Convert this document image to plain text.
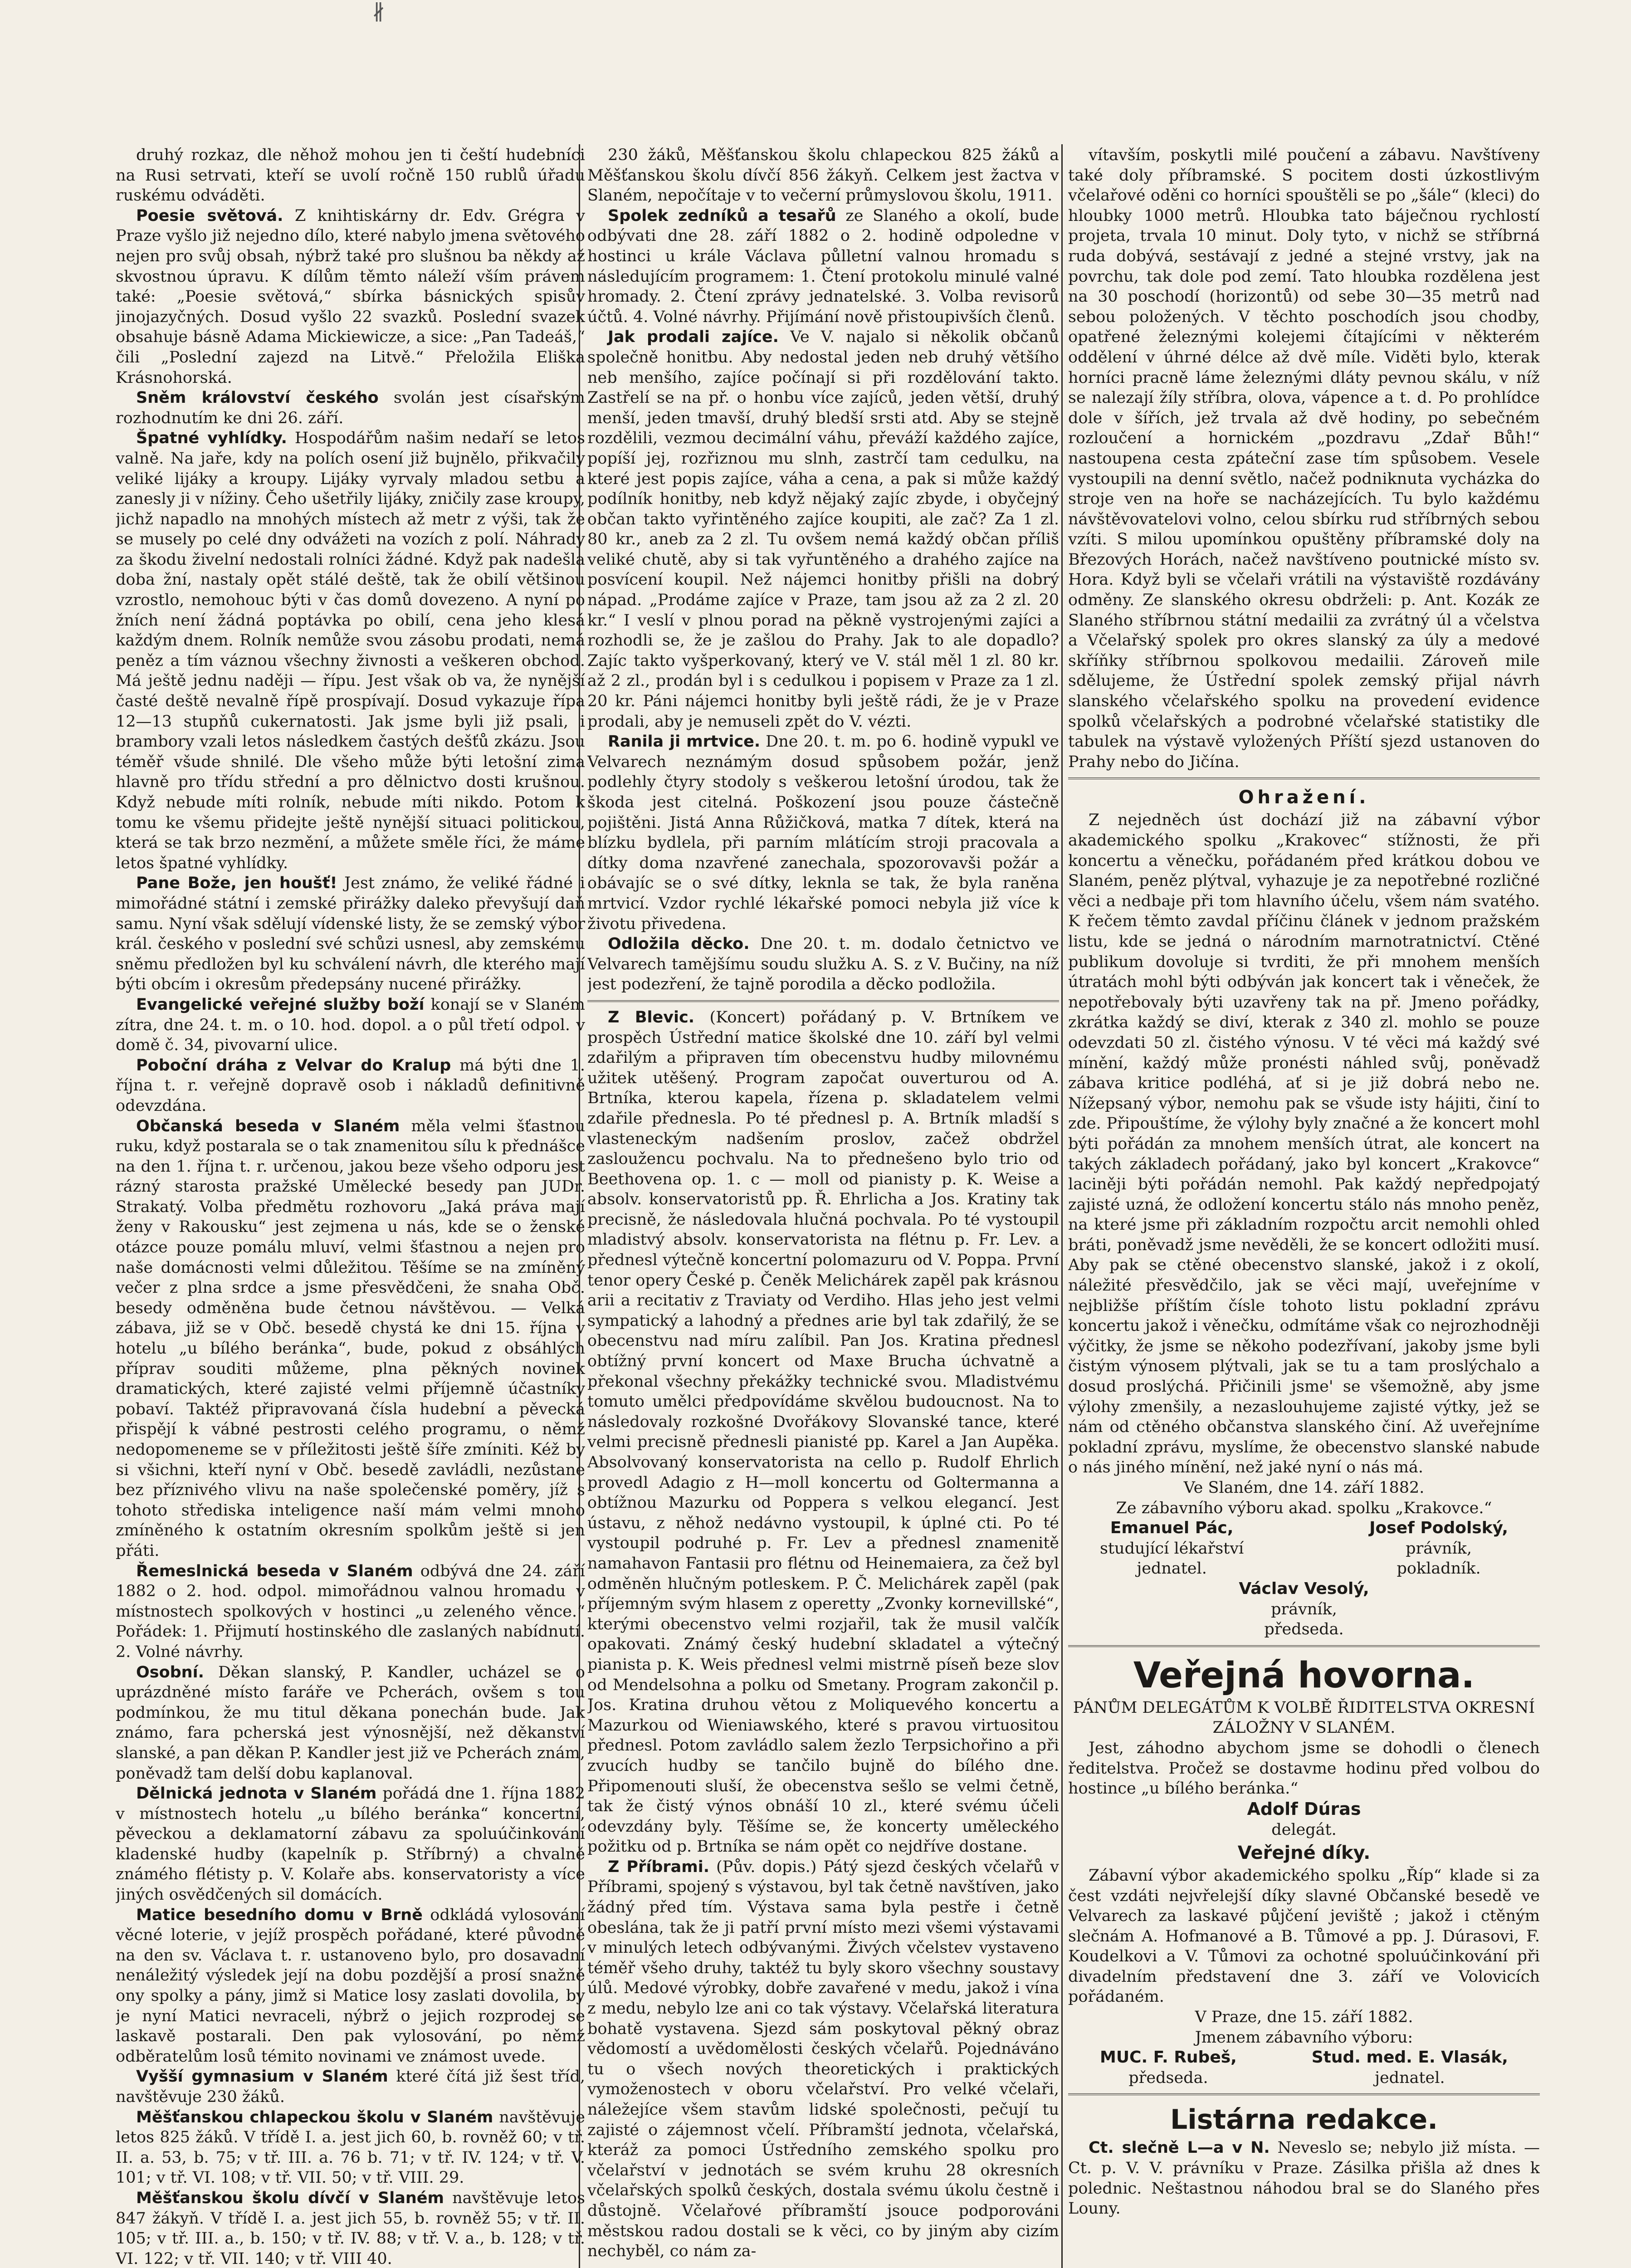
∦

druhý rozkaz, dle něhož mohou jen ti čeští hudebníci na Rusi setrvati, kteří se uvolí ročně 150 rublů úřadu ruskému odváděti.

Poesie světová. Z knihtiskárny dr. Edv. Grégra v Praze vyšlo již nejedno dílo, které nabylo jmena světového nejen pro svůj obsah, nýbrž také pro slušnou ba někdy až skvostnou úpravu. K dílům těmto náleží vším právem také: „Poesie světová,“ sbírka básnických spisův jinojazyčných. Dosud vyšlo 22 svazků. Poslední svazek obsahuje básně Adama Mickiewicze, a sice: „Pan Tadeáš,“ čili „Poslední zajezd na Litvě.“ Přeložila Eliška Krásnohorská.

Sněm království českého svolán jest císařským rozhodnutím ke dni 26. září.

Špatné vyhlídky. Hospodářům našim nedaří se letos valně. Na jaře, kdy na polích osení již bujnělo, přikvačily veliké lijáky a kroupy. Lijáky vyrvaly mladou setbu a zanesly ji v nížiny. Čeho ušetřily lijáky, zničily zase kroupy, jichž napadlo na mnohých místech až metr z výši, tak že se musely po celé dny odvážeti na vozích z polí. Náhrady za škodu živelní nedostali rolníci žádné. Když pak nadešla doba žní, nastaly opět stálé deště, tak že obilí většinou vzrostlo, nemohouc býti v čas domů dovezeno. A nyní po žních není žádná poptávka po obilí, cena jeho klesá každým dnem. Rolník nemůže svou zásobu prodati, nemá peněz a tím váznou všechny živnosti a veškeren obchod. Má ještě jednu naději — řípu. Jest však ob va, že nynější časté deště nevalně řípě prospívají. Dosud vykazuje řípa 12—13 stupňů cukernatosti. Jak jsme byli již psali, i brambory vzali letos následkem častých dešťů zkázu. Jsou téměř všude shnilé. Dle všeho může býti letošní zima hlavně pro třídu střední a pro dělnictvo dosti krušnou. Když nebude míti rolník, nebude míti nikdo. Potom k tomu ke všemu přidejte ještě nynější situaci politickou, která se tak brzo nezmění, a můžete směle říci, že máme letos špatné vyhlídky.

Pane Bože, jen houšť! Jest známo, že veliké řádné i mimořádné státní i zemské přirážky daleko převyšují daň samu. Nyní však sdělují vídenské listy, že se zemský výbor král. českého v poslední své schůzi usnesl, aby zemskému sněmu předložen byl ku schválení návrh, dle kterého mají býti obcím i okresům předepsány nucené přirážky.

Evangelické veřejné služby boží konají se v Slaném zítra, dne 24. t. m. o 10. hod. dopol. a o půl třetí odpol. v domě č. 34, pivovarní ulice.

Poboční dráha z Velvar do Kralup má býti dne 1. října t. r. veřejně dopravě osob i nákladů definitivně odevzdána.

Občanská beseda v Slaném měla velmi šťastnou ruku, když postarala se o tak znamenitou sílu k přednášce na den 1. října t. r. určenou, jakou beze všeho odporu jest rázný starosta pražské Umělecké besedy pan JUDr. Strakatý. Volba předmětu rozhovoru „Jaká práva mají ženy v Rakousku“ jest zejmena u nás, kde se o ženské otázce pouze pomálu mluví, velmi šťastnou a nejen pro naše domácnosti velmi důležitou. Těšíme se na zmíněný večer z plna srdce a jsme přesvědčeni, že snaha Obč. besedy odměněna bude četnou návštěvou. — Velká zábava, již se v Obč. besedě chystá ke dni 15. října v hotelu „u bílého beránka“, bude, pokud z obsáhlých příprav souditi můžeme, plna pěkných novinek dramatických, které zajisté velmi příjemně účastníky pobaví. Taktéž připravovaná čísla hudební a pěvecká přispějí k vábné pestrosti celého programu, o němž nedopomeneme se v příležitosti ještě šíře zmíniti. Kéž by si všichni, kteří nyní v Obč. besedě zavládli, nezůstane bez příznivého vlivu na naše společenské poměry, jíž s tohoto střediska inteligence naší mám velmi mnoho zmíněného k ostatním okresním spolkům ještě si jen přáti.

Řemeslnická beseda v Slaném odbývá dne 24. září 1882 o 2. hod. odpol. mimořádnou valnou hromadu v místnostech spolkových v hostinci „u zeleného věnce.“ Pořádek: 1. Přijmutí hostinského dle zaslaných nabídnutí. 2. Volné návrhy.

Osobní. Děkan slanský, P. Kandler, ucházel se o uprázdněné místo faráře ve Pcherách, ovšem s tou podmínkou, že mu titul děkana ponechán bude. Jak známo, fara pcherská jest výnosnější, než děkanství slanské, a pan děkan P. Kandler jest již ve Pcherách znám, poněvadž tam delší dobu kaplanoval.

Dělnická jednota v Slaném pořádá dne 1. října 1882 v místnostech hotelu „u bílého beránka“ koncertní, pěveckou a deklamatorní zábavu za spoluúčinkování kladenské hudby (kapelník p. Stříbrný) a chvalně známého flétisty p. V. Kolaře abs. konservatoristy a více jiných osvědčených sil domácích.

Matice besedního domu v Brně odkládá vylosování věcné loterie, v jejíž prospěch pořádané, které původně na den sv. Václava t. r. ustanoveno bylo, pro dosavadní nenáležitý výsledek její na dobu pozdější a prosí snažně ony spolky a pány, jimž si Matice losy zaslati dovolila, by je nyní Matici nevraceli, nýbrž o jejich rozprodej se laskavě postarali. Den pak vylosování, po němž odběratelům losů témito novinami ve známost uvede.

Vyšší gymnasium v Slaném které čítá již šest tříd, navštěvuje 230 žáků.

Měšťanskou chlapeckou školu v Slaném navštěvuje letos 825 žáků. V třídě I. a. jest jich 60, b. rovněž 60; v tř. II. a. 53, b. 75; v tř. III. a. 76 b. 71; v tř. IV. 124; v tř. V. 101; v tř. VI. 108; v tř. VII. 50; v tř. VIII. 29.

Měšťanskou školu dívčí v Slaném navštěvuje letos 847 žákyň. V třídě I. a. jest jich 55, b. rovněž 55; v tř. II. 105; v tř. III. a., b. 150; v tř. IV. 88; v tř. V. a., b. 128; v tř. VI. 122; v tř. VII. 140; v tř. VIII 40.

230 žáků, Měšťanskou školu chlapeckou 825 žáků a Měšťanskou školu dívčí 856 žákyň. Celkem jest žactva v Slaném, nepočítaje v to večerní průmyslovou školu, 1911.

Spolek zedníků a tesařů ze Slaného a okolí, bude odbývati dne 28. září 1882 o 2. hodině odpoledne v hostinci u krále Václava půlletní valnou hromadu s následujícím programem: 1. Čtení protokolu minulé valné hromady. 2. Čtení zprávy jednatelské. 3. Volba revisorů účtů. 4. Volné návrhy. Přijímání nově přistoupivších členů.

Jak prodali zajíce. Ve V. najalo si několik občanů společně honitbu. Aby nedostal jeden neb druhý většího neb menšího, zajíce počínají si při rozdělování takto. Zastřelí se na př. o honbu více zajíců, jeden větší, druhý menší, jeden tmavší, druhý bledší srsti atd. Aby se stejně rozdělili, vezmou decimální váhu, převáží každého zajíce, popíší jej, rozřiznou mu slnh, zastrčí tam cedulku, na které jest popis zajíce, váha a cena, a pak si může každý podílník honitby, neb když nějaký zajíc zbyde, i obyčejný občan takto vyřintěného zajíce koupiti, ale zač? Za 1 zl. 80 kr., aneb za 2 zl. Tu ovšem nemá každý občan příliš veliké chutě, aby si tak vyřuntěného a drahého zajíce na posvícení koupil. Než nájemci honitby přišli na dobrý nápad. „Prodáme zajíce v Praze, tam jsou až za 2 zl. 20 kr.“ I veslí v plnou porad na pěkně vystrojenými zajíci a rozhodli se, že je zašlou do Prahy. Jak to ale dopadlo? Zajíc takto vyšperkovaný, který ve V. stál měl 1 zl. 80 kr. až 2 zl., prodán byl i s cedulkou i popisem v Praze za 1 zl. 20 kr. Páni nájemci honitby byli ještě rádi, že je v Praze prodali, aby je nemuseli zpět do V. vézti.

Ranila ji mrtvice. Dne 20. t. m. po 6. hodině vypukl ve Velvarech neznámým dosud spůsobem požár, jenž podlehly čtyry stodoly s veškerou letošní úrodou, tak že škoda jest citelná. Poškození jsou pouze částečně pojištěni. Jistá Anna Růžičková, matka 7 dítek, která na blízku bydlela, při parním mlátícím stroji pracovala a dítky doma nzavřené zanechala, spozorovavši požár a obávajíc se o své dítky, leknla se tak, že byla raněna mrtvicí. Vzdor rychlé lékařské pomoci nebyla již více k životu přivedena.

Odložila děcko. Dne 20. t. m. dodalo četnictvo ve Velvarech tamějšímu soudu služku A. S. z V. Bučiny, na níž jest podezření, že tajně porodila a děcko podložila.

Z Blevic. (Koncert) pořádaný p. V. Brtníkem ve prospěch Ústřední matice školské dne 10. září byl velmi zdařilým a připraven tím obecenstvu hudby milovnému užitek utěšený. Program započat ouverturou od A. Brtníka, kterou kapela, řízena p. skladatelem velmi zdařile přednesla. Po té přednesl p. A. Brtník mladší s vlasteneckým nadšením proslov, začež obdržel zasloužencu pochvalu. Na to přednešeno bylo trio od Beethovena op. 1. c — moll od pianisty p. K. Weise a absolv. konservatoristů pp. Ř. Ehrlicha a Jos. Kratiny tak precisně, že následovala hlučná pochvala. Po té vystoupil mladistvý absolv. konservatorista na flétnu p. Fr. Lev. a přednesl výtečně koncertní polomazuru od V. Poppa. První tenor opery České p. Čeněk Melichárek zapěl pak krásnou arii a recitativ z Traviaty od Verdiho. Hlas jeho jest velmi sympatický a lahodný a přednes arie byl tak zdařilý, že se obecenstvu nad míru zalíbil. Pan Jos. Kratina přednesl obtížný první koncert od Maxe Brucha úchvatně a překonal všechny překážky technické svou. Mladistvému tomuto umělci předpovídáme skvělou budoucnost. Na to následovaly rozkošné Dvořákovy Slovanské tance, které velmi precisně přednesli pianisté pp. Karel a Jan Aupěka. Absolvovaný konservatorista na cello p. Rudolf Ehrlich provedl Adagio z H—moll koncertu od Goltermanna a obtížnou Mazurku od Poppera s velkou elegancí. Jest ústavu, z něhož nedávno vystoupil, k úplné cti. Po té vystoupil podruhé p. Fr. Lev a přednesl znamenitě namahavon Fantasii pro flétnu od Heinemaiera, za čež byl odměněn hlučným potleskem. P. Č. Melichárek zapěl (pak příjemným svým hlasem z operetty „Zvonky kornevillské“, kterými obecenstvo velmi rozjařil, tak že musil valčík opakovati. Známý český hudební skladatel a výtečný pianista p. K. Weis přednesl velmi mistrně píseň beze slov od Mendelsohna a polku od Smetany. Program zakončil p. Jos. Kratina druhou větou z Moliquevého koncertu a Mazurkou od Wieniawského, které s pravou virtuositou přednesl. Potom zavládlo salem žezlo Terpsichořino a při zvucích hudby se tančilo bujně do bílého dne. Připomenouti sluší, že obecenstva sešlo se velmi četně, tak že čistý výnos obnáší 10 zl., které svému účeli odevzdány byly. Těšíme se, že koncerty uměleckého požitku od p. Brtníka se nám opět co nejdříve dostane.

Z Příbrami. (Pův. dopis.) Pátý sjezd českých včelařů v Příbrami, spojený s výstavou, byl tak četně navštíven, jako žádný před tím. Výstava sama byla pestře i četně obeslána, tak že ji patří první místo mezi všemi výstavami v minulých letech odbývanými. Živých včelstev vystaveno téměř všeho druhy, taktéž tu byly skoro všechny soustavy úlů. Medové výrobky, dobře zavařené v medu, jakož i vína z medu, nebylo lze ani co tak výstavy. Včelařská literatura bohatě vystavena. Sjezd sám poskytoval pěkný obraz vědomostí a uvědomělosti českých včelařů. Pojednáváno tu o všech nových theoretických i praktických vymoženostech v oboru včelařství. Pro velké včelaři, náležejíce všem stavům lidské společnosti, pečují tu zajisté o zájemnost včelí. Příbramští jednota, včelařská, kteráž za pomoci Ústředního zemského spolku pro včelařství v jednotách se svém kruhu 28 okresních včelařských spolků českých, dostala svému úkolu čestně i důstojně. Včelařové příbramští jsouce podporováni městskou radou dostali se k věci, co by jiným aby cizím nechyběl, co nám za-

vítavším, poskytli milé poučení a zábavu. Navštíveny také doly příbramské. S pocitem dosti úzkostlivým včelařové oděni co horníci spouštěli se po „šále“ (kleci) do hloubky 1000 metrů. Hloubka tato báječnou rychlostí projeta, trvala 10 minut. Doly tyto, v nichž se stříbrná ruda dobývá, sestávají z jedné a stejné vrstvy, jak na povrchu, tak dole pod zemí. Tato hloubka rozdělena jest na 30 poschodí (horizontů) od sebe 30—35 metrů nad sebou položených. V těchto poschodích jsou chodby, opatřené železnými kolejemi čítajícími v některém oddělení v úhrné délce až dvě míle. Viděti bylo, kterak horníci pracně láme železnými dláty pevnou skálu, v níž se nalezají žíly stříbra, olova, vápence a t. d. Po prohlídce dole v šířích, jež trvala až dvě hodiny, po sebečném rozloučení a hornickém „pozdravu „Zdař Bůh!“ nastoupena cesta zpáteční zase tím spůsobem. Vesele vystoupili na denní světlo, načež podniknuta vycházka do stroje ven na hoře se nacházejících. Tu bylo každému návštěvovatelovi volno, celou sbírku rud stříbrných sebou vzíti. S milou upomínkou opuštěny příbramské doly na Březových Horách, načež navštíveno poutnické místo sv. Hora. Když byli se včelaři vrátili na výstaviště rozdávány odměny. Ze slanského okresu obdrželi: p. Ant. Kozák ze Slaného stříbrnou státní medailii za zvrátný úl a včelstva a Včelařský spolek pro okres slanský za úly a medové skříňky stříbrnou spolkovou medailii. Zároveň mile sdělujeme, že Ústřední spolek zemský přijal návrh slanského včelařského spolku na provedení evidence spolků včelařských a podrobné včelařské statistiky dle tabulek na výstavě vyložených Příští sjezd ustanoven do Prahy nebo do Jičína.

Ohražení.

Z nejedněch úst dochází již na zábavní výbor akademického spolku „Krakovec“ stížnosti, že při koncertu a věnečku, pořádaném před krátkou dobou ve Slaném, peněz plýtval, vyhazuje je za nepotřebné rozličné věci a nedbaje při tom hlavního účelu, všem nám svatého. K řečem těmto zavdal příčinu článek v jednom pražském listu, kde se jedná o národním marnotratnictví. Ctěné publikum dovoluje si tvrditi, že při mnohem menších útratách mohl býti odbýván jak koncert tak i věneček, že nepotřebovaly býti uzavřeny tak na př. Jmeno pořádky, zkrátka každý se diví, kterak z 340 zl. mohlo se pouze odevzdati 50 zl. čistého výnosu. V té věci má každý své mínění, každý může pronésti náhled svůj, poněvadž zábava kritice podléhá, ať si je již dobrá nebo ne. Nížepsaný výbor, nemohu pak se všude isty hájiti, činí to zde. Připouštíme, že výlohy byly značné a že koncert mohl býti pořádán za mnohem menších útrat, ale koncert na takých základech pořádaný, jako byl koncert „Krakovce“ laciněji býti pořádán nemohl. Pak každý nepředpojatý zajisté uzná, že odložení koncertu stálo nás mnoho peněz, na které jsme při základním rozpočtu arcit nemohli ohled bráti, poněvadž jsme nevěděli, že se koncert odložiti musí. Aby pak se ctěné obecenstvo slanské, jakož i z okolí, náležité přesvědčilo, jak se věci mají, uveřejníme v nejbližše příštím čísle tohoto listu pokladní zprávu koncertu jakož i věnečku, odmítáme však co nejrozhodněji výčitky, že jsme se někoho podezřívaní, jakoby jsme byli čistým výnosem plýtvali, jak se tu a tam proslýchalo a dosud proslýchá. Přičinili jsme' se všemožně, aby jsme výlohy zmenšily, a nezaslouhujeme zajisté výtky, jež se nám od ctěného občanstva slanského činí. Až uveřejníme pokladní zprávu, myslíme, že obecenstvo slanské nabude o nás jiného mínění, než jaké nyní o nás má.

Ve Slaném, dne 14. září 1882.

Ze zábavního výboru akad. spolku „Krakovce.“

Emanuel Pác,
studující lékařství
jednatel.
Josef Podolský,
právník,
pokladník.
Václav Vesolý,
právník,
předseda.

Veřejná hovorna.

PÁNŮM DELEGÁTŮM K VOLBĚ ŘIDITELSTVA OKRESNÍ ZÁLOŽNY V SLANÉM.

Jest, záhodno abychom jsme se dohodli o členech ředitelstva. Pročež se dostavme hodinu před volbou do hostince „u bílého beránka.“

Adolf Dúras
delegát.

Veřejné díky.

Zábavní výbor akademického spolku „Říp“ klade si za čest vzdáti nejvřelejší díky slavné Občanské besedě ve Velvarech za laskavé půjčení jeviště ; jakož i ctěným slečnám A. Hofmanové a B. Tůmové a pp. J. Dúrasovi, F. Koudelkovi a V. Tůmovi za ochotné spoluúčinkování při divadelním představení dne 3. září ve Volovicích pořádaném.

V Praze, dne 15. září 1882.

Jmenem zábavního výboru:

MUC. F. Rubeš,
předseda.
Stud. med. E. Vlasák,
jednatel.

Listárna redakce.

Ct. slečně L—a v N. Neveslo se; nebylo již místa. — Ct. p. V. V. právníku v Praze. Zásilka přišla až dnes k polednic. Neštastnou náhodou bral se do Slaného přes Louny.
